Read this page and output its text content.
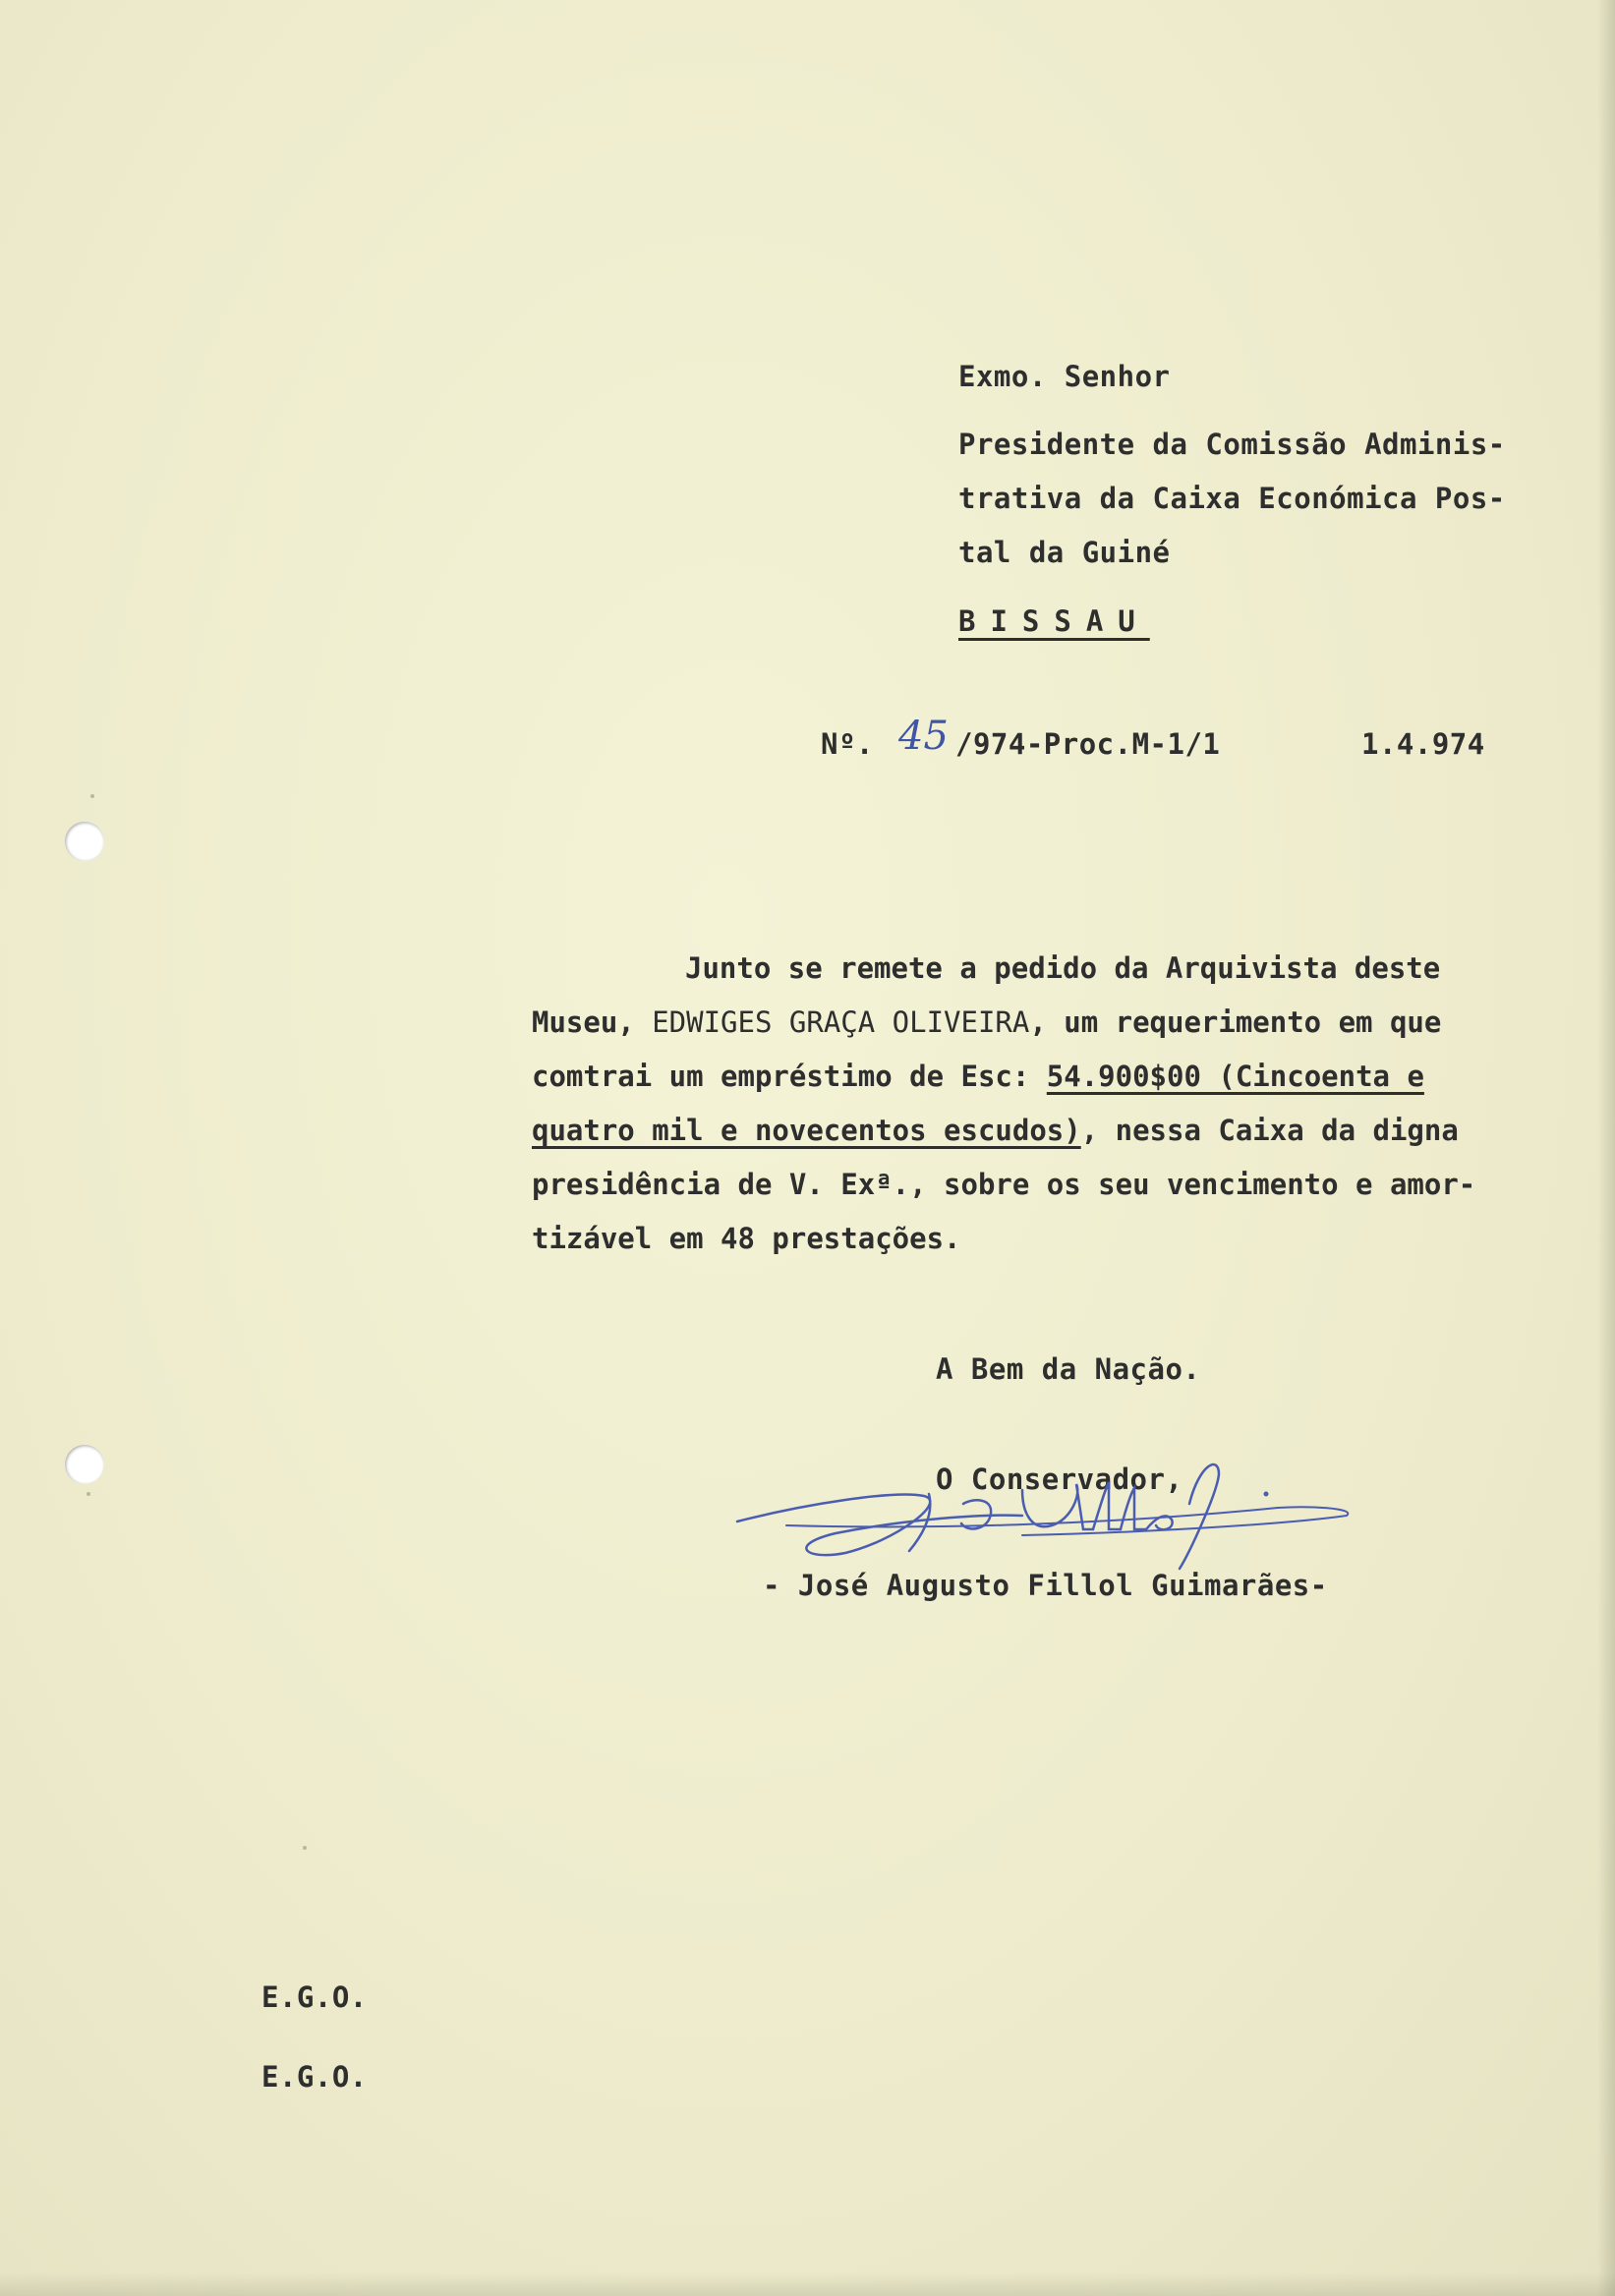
Exmo. Senhor
Presidente da Comissão Adminis-
trativa da Caixa Económica Pos-
tal da Guiné
BISSAU
Nº. 45 /974-Proc.M-1/1	1.4.974
Junto se remete a pedido da Arquivista deste
Museu, EDWIGES GRAÇA OLIVEIRA, um requerimento em que
comtrai um empréstimo de Esc: 54.900$00 (Cincoenta e
quatro mil e novecentos escudos), nessa Caixa da digna
presidência de V. Exª., sobre os seu vencimento e amor-
tizável em 48 prestações.
A Bem da Nação.
O Conservador,
- José Augusto Fillol Guimarães-
E.G.O.
E.G.O.
